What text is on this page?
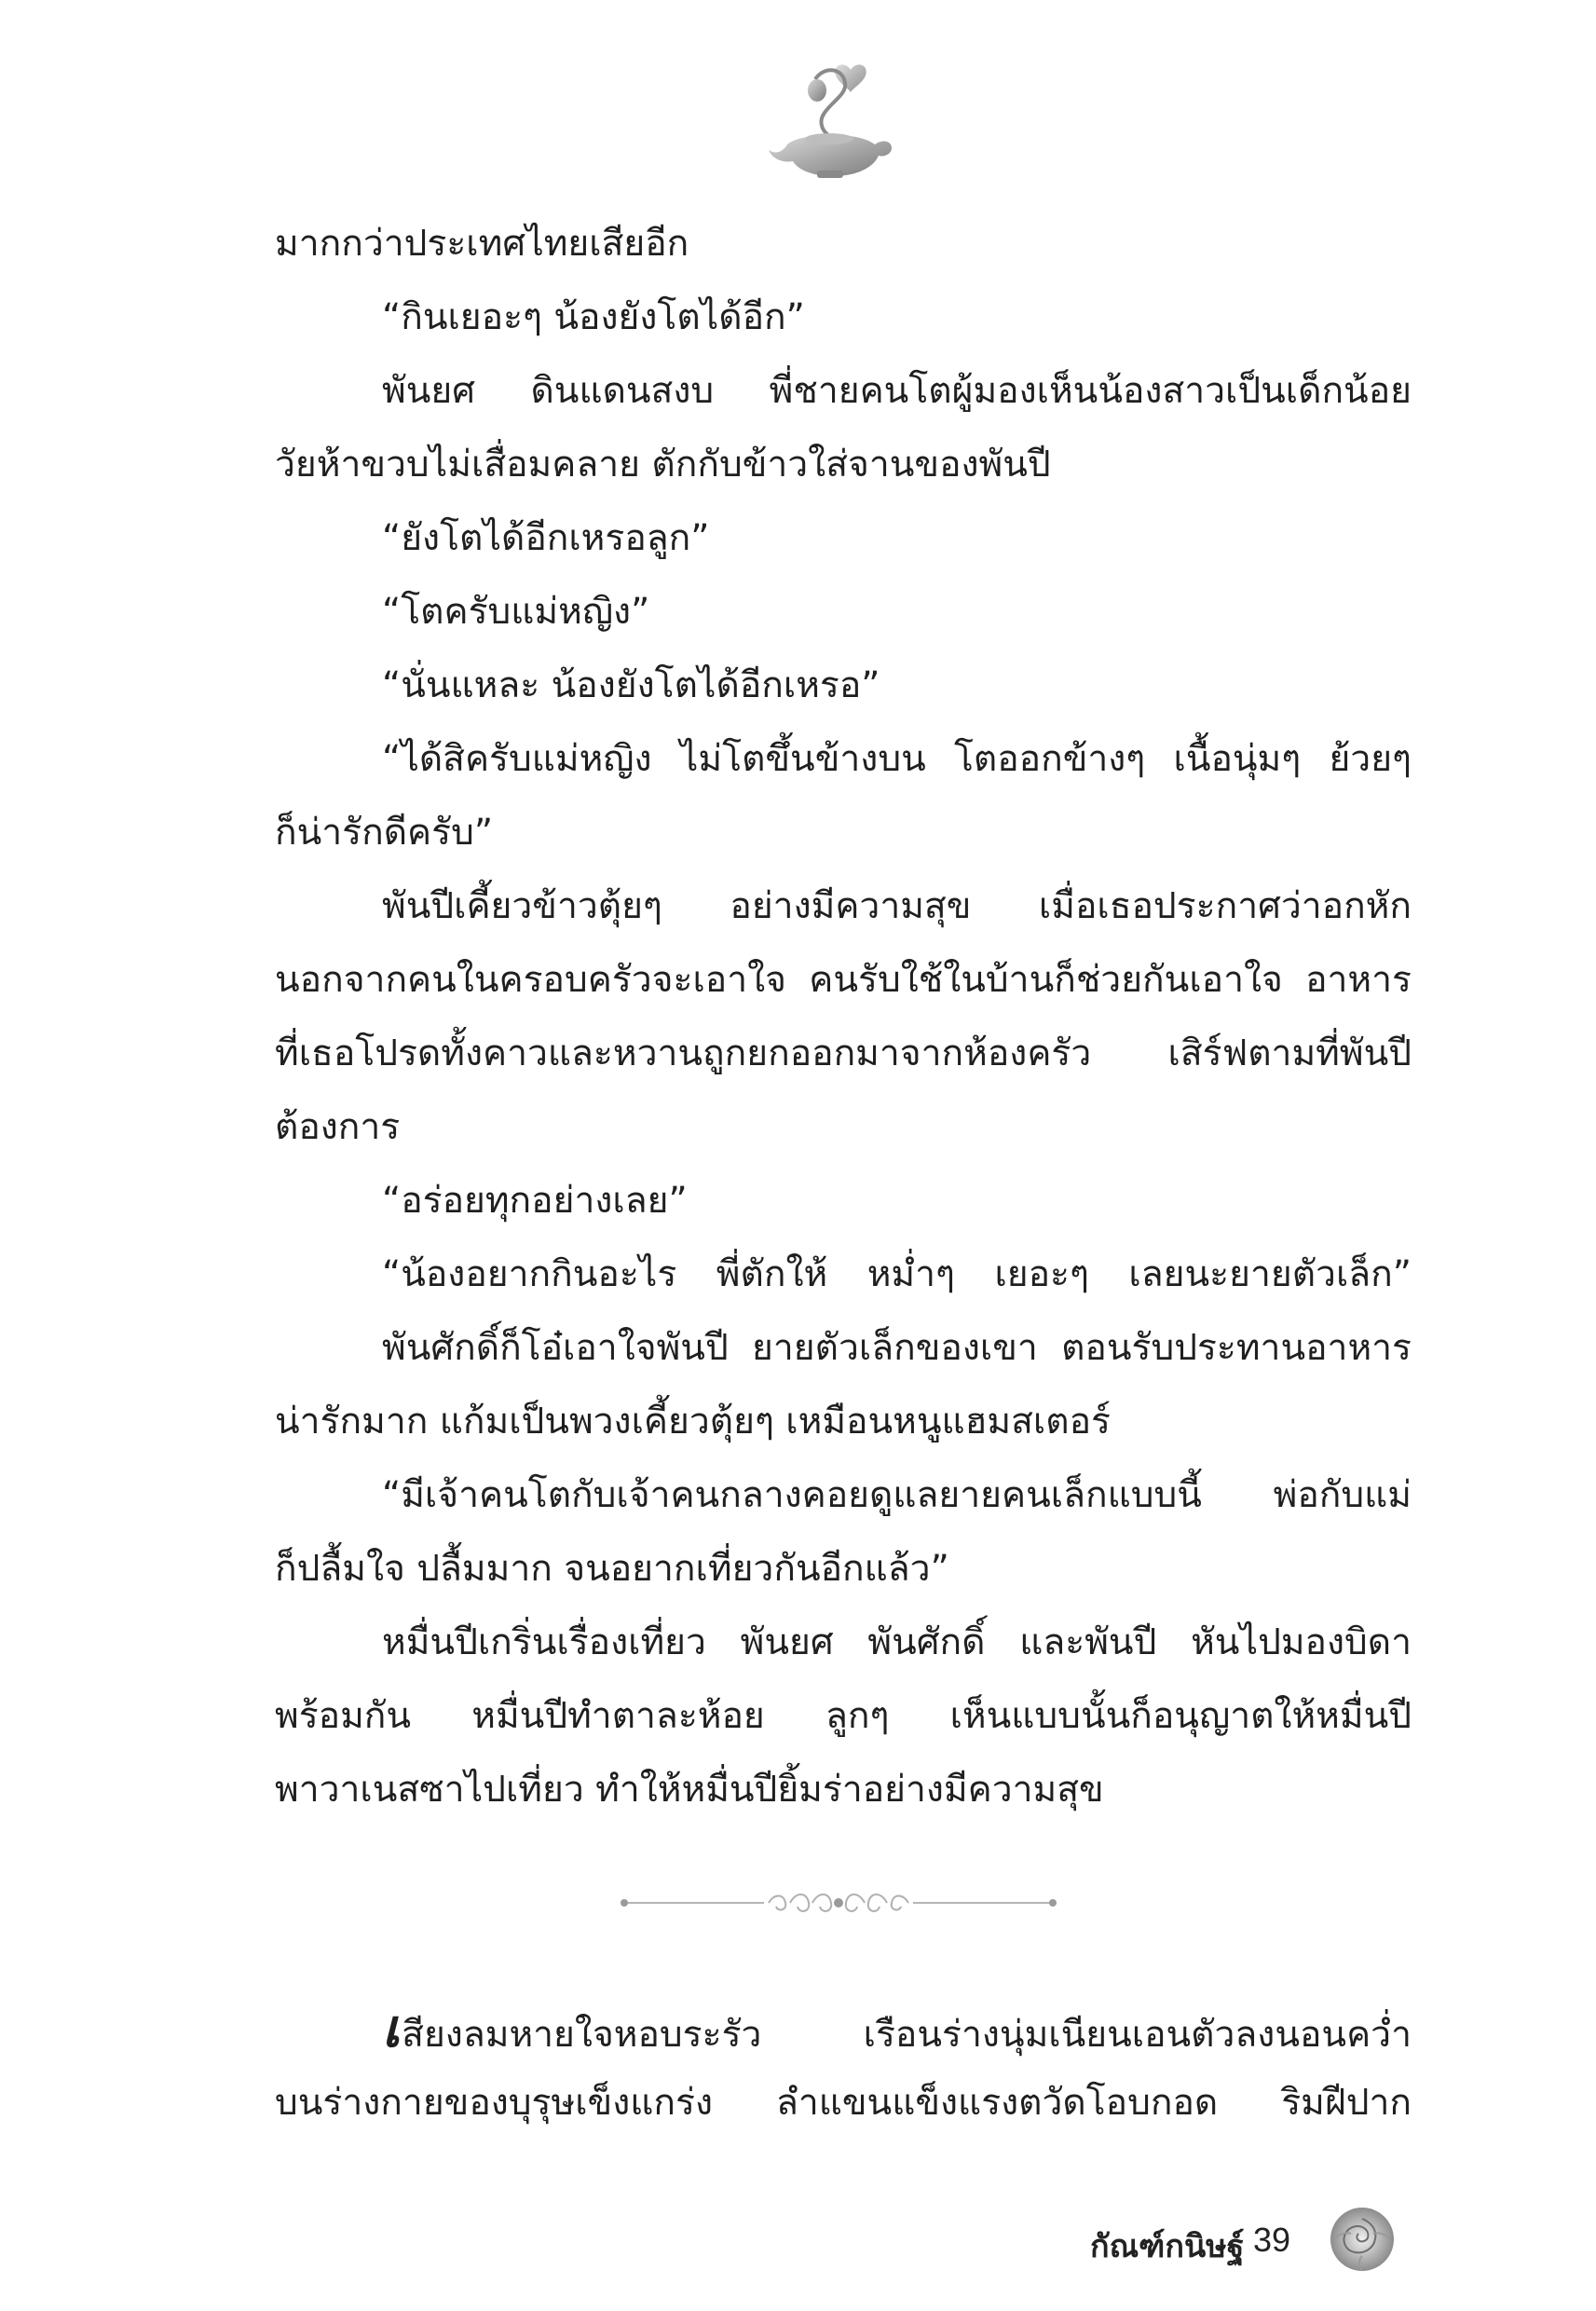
มากกว่าประเทศไทยเสียอีก
“กินเยอะๆ น้องยังโตได้อีก”
พันยศ ดินแดนสงบ พี่ชายคนโตผู้มองเห็นน้องสาวเป็นเด็กน้อย
วัยห้าขวบไม่เสื่อมคลาย ตักกับข้าวใส่จานของพันปี
“ยังโตได้อีกเหรอลูก”
“โตครับแม่หญิง”
“นั่นแหละ น้องยังโตได้อีกเหรอ”
“ได้สิครับแม่หญิง ไม่โตขึ้นข้างบน โตออกข้างๆ เนื้อนุ่มๆ ย้วยๆ
ก็น่ารักดีครับ”
พันปีเคี้ยวข้าวตุ้ยๆ อย่างมีความสุข เมื่อเธอประกาศว่าอกหัก
นอกจากคนในครอบครัวจะเอาใจ คนรับใช้ในบ้านก็ช่วยกันเอาใจ อาหาร
ที่เธอโปรดทั้งคาวและหวานถูกยกออกมาจากห้องครัว เสิร์ฟตามที่พันปี
ต้องการ
“อร่อยทุกอย่างเลย”
“น้องอยากกินอะไร พี่ตักให้ หม่ำๆ เยอะๆ เลยนะยายตัวเล็ก”
พันศักดิ์ก็โอ๋เอาใจพันปี ยายตัวเล็กของเขา ตอนรับประทานอาหาร
น่ารักมาก แก้มเป็นพวงเคี้ยวตุ้ยๆ เหมือนหนูแฮมสเตอร์
“มีเจ้าคนโตกับเจ้าคนกลางคอยดูแลยายคนเล็กแบบนี้ พ่อกับแม่
ก็ปลื้มใจ ปลื้มมาก จนอยากเที่ยวกันอีกแล้ว”
หมื่นปีเกริ่นเรื่องเที่ยว พันยศ พันศักดิ์ และพันปี หันไปมองบิดา
พร้อมกัน หมื่นปีทำตาละห้อย ลูกๆ เห็นแบบนั้นก็อนุญาตให้หมื่นปี
พาวาเนสซาไปเที่ยว ทำให้หมื่นปียิ้มร่าอย่างมีความสุข
เสียงลมหายใจหอบระรัว เรือนร่างนุ่มเนียนเอนตัวลงนอนคว่ำ
บนร่างกายของบุรุษเข็งแกร่ง ลำแขนแข็งแรงตวัดโอบกอด ริมฝีปาก
กัณฑ์กนิษฐ์ 39
